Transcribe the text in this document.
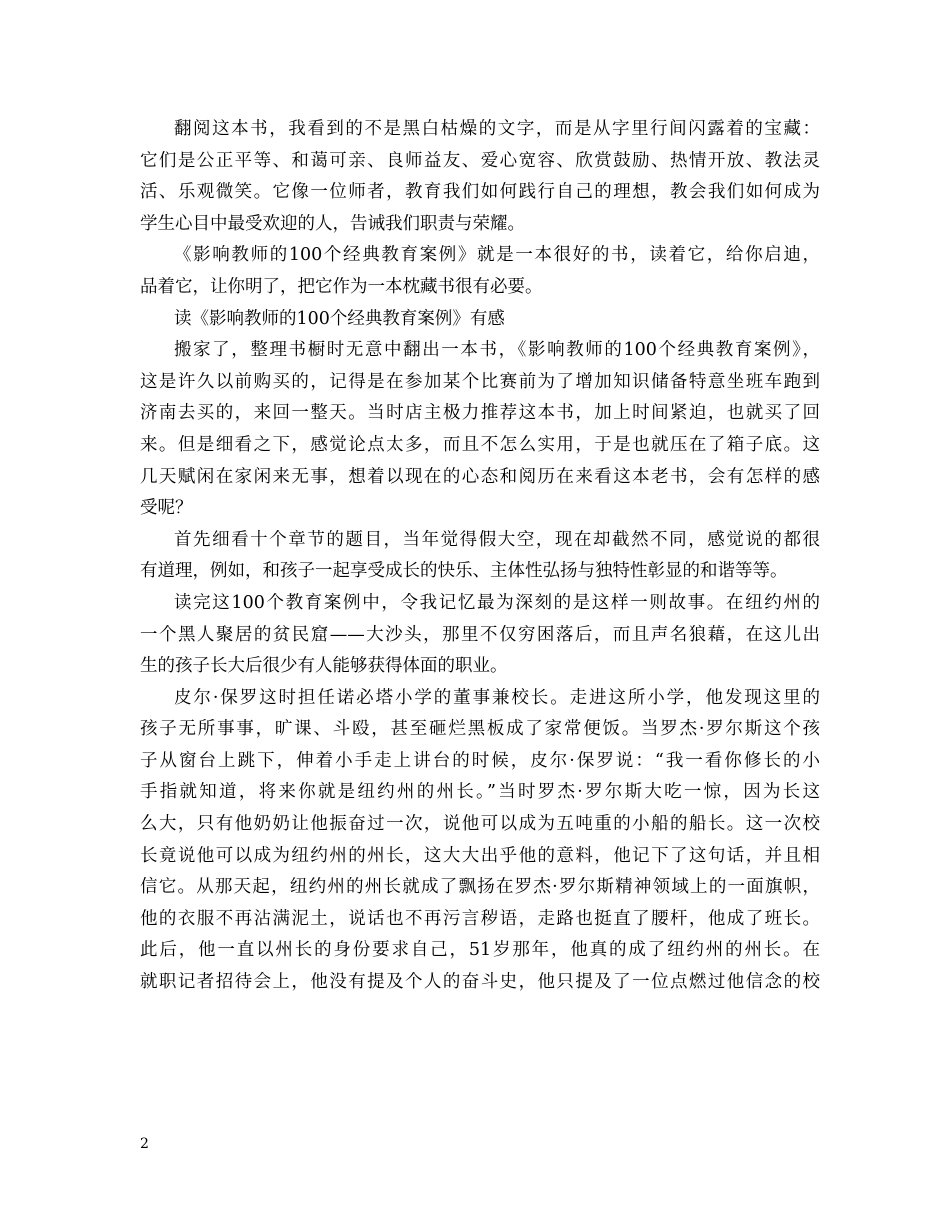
翻阅这本书，我看到的不是黑白枯燥的文字，而是从字里行间闪露着的宝藏：
它们是公正平等、和蔼可亲、良师益友、爱心宽容、欣赏鼓励、热情开放、教法灵
活、乐观微笑。它像一位师者，教育我们如何践行自己的理想，教会我们如何成为
学生心目中最受欢迎的人，告诫我们职责与荣耀。
《影响教师的100个经典教育案例》就是一本很好的书，读着它，给你启迪，
品着它，让你明了，把它作为一本枕藏书很有必要。
读《影响教师的100个经典教育案例》有感
搬家了，整理书橱时无意中翻出一本书，《影响教师的100个经典教育案例》，
这是许久以前购买的，记得是在参加某个比赛前为了增加知识储备特意坐班车跑到
济南去买的，来回一整天。当时店主极力推荐这本书，加上时间紧迫，也就买了回
来。但是细看之下，感觉论点太多，而且不怎么实用，于是也就压在了箱子底。这
几天赋闲在家闲来无事，想着以现在的心态和阅历在来看这本老书，会有怎样的感
受呢？
首先细看十个章节的题目，当年觉得假大空，现在却截然不同，感觉说的都很
有道理，例如，和孩子一起享受成长的快乐、主体性弘扬与独特性彰显的和谐等等。
读完这100个教育案例中，令我记忆最为深刻的是这样一则故事。在纽约州的
一个黑人聚居的贫民窟——大沙头，那里不仅穷困落后，而且声名狼藉，在这儿出
生的孩子长大后很少有人能够获得体面的职业。
皮尔·保罗这时担任诺必塔小学的董事兼校长。走进这所小学，他发现这里的
孩子无所事事，旷课、斗殴，甚至砸烂黑板成了家常便饭。当罗杰·罗尔斯这个孩
子从窗台上跳下，伸着小手走上讲台的时候，皮尔·保罗说：“我一看你修长的小
手指就知道，将来你就是纽约州的州长。”当时罗杰·罗尔斯大吃一惊，因为长这
么大，只有他奶奶让他振奋过一次，说他可以成为五吨重的小船的船长。这一次校
长竟说他可以成为纽约州的州长，这大大出乎他的意料，他记下了这句话，并且相
信它。从那天起，纽约州的州长就成了飘扬在罗杰·罗尔斯精神领域上的一面旗帜，
他的衣服不再沾满泥土，说话也不再污言秽语，走路也挺直了腰杆，他成了班长。
此后，他一直以州长的身份要求自己，51岁那年，他真的成了纽约州的州长。在
就职记者招待会上，他没有提及个人的奋斗史，他只提及了一位点燃过他信念的校
2
